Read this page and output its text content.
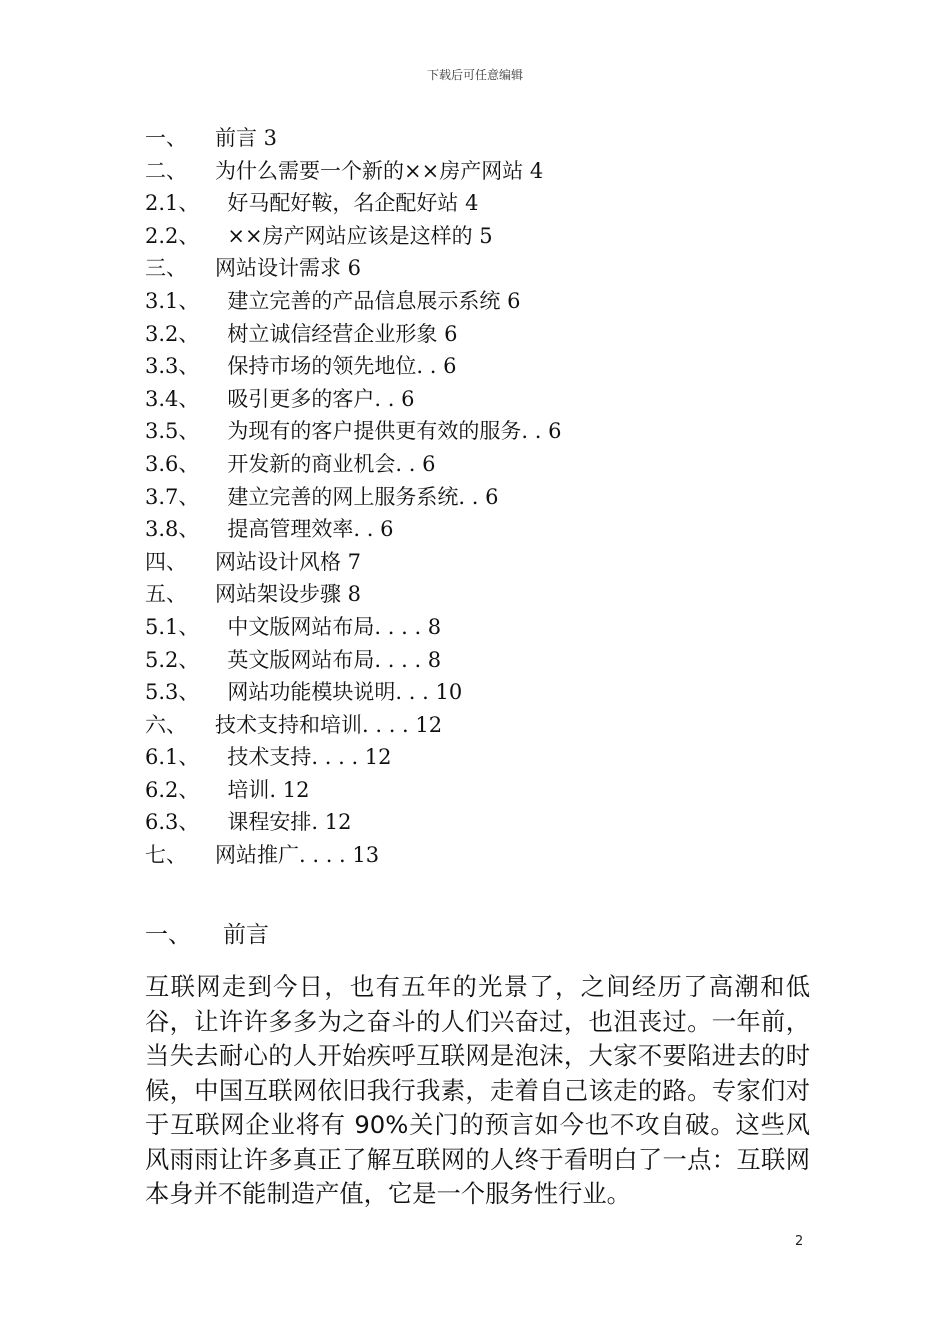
下载后可任意编辑
一、 前言 3
二、 为什么需要一个新的××房产网站 4
2.1、 好马配好鞍，名企配好站 4
2.2、 ××房产网站应该是这样的 5
三、 网站设计需求 6
3.1、 建立完善的产品信息展示系统 6
3.2、 树立诚信经营企业形象 6
3.3、 保持市场的领先地位. . 6
3.4、 吸引更多的客户. . 6
3.5、 为现有的客户提供更有效的服务. . 6
3.6、 开发新的商业机会. . 6
3.7、 建立完善的网上服务系统. . 6
3.8、 提高管理效率. . 6
四、 网站设计风格 7
五、 网站架设步骤 8
5.1、 中文版网站布局. . . . 8
5.2、 英文版网站布局. . . . 8
5.3、 网站功能模块说明. . . 10
六、 技术支持和培训. . . . 12
6.1、 技术支持. . . . 12
6.2、 培训. 12
6.3、 课程安排. 12
七、 网站推广. . . . 13
一、 前言
互联网走到今日，也有五年的光景了，之间经历了高潮和低谷，让许许多多为之奋斗的人们兴奋过，也沮丧过。一年前，当失去耐心的人开始疾呼互联网是泡沫，大家不要陷进去的时候，中国互联网依旧我行我素，走着自己该走的路。专家们对于互联网企业将有 90%关门的预言如今也不攻自破。这些风风雨雨让许多真正了解互联网的人终于看明白了一点：互联网本身并不能制造产值，它是一个服务性行业。
2
